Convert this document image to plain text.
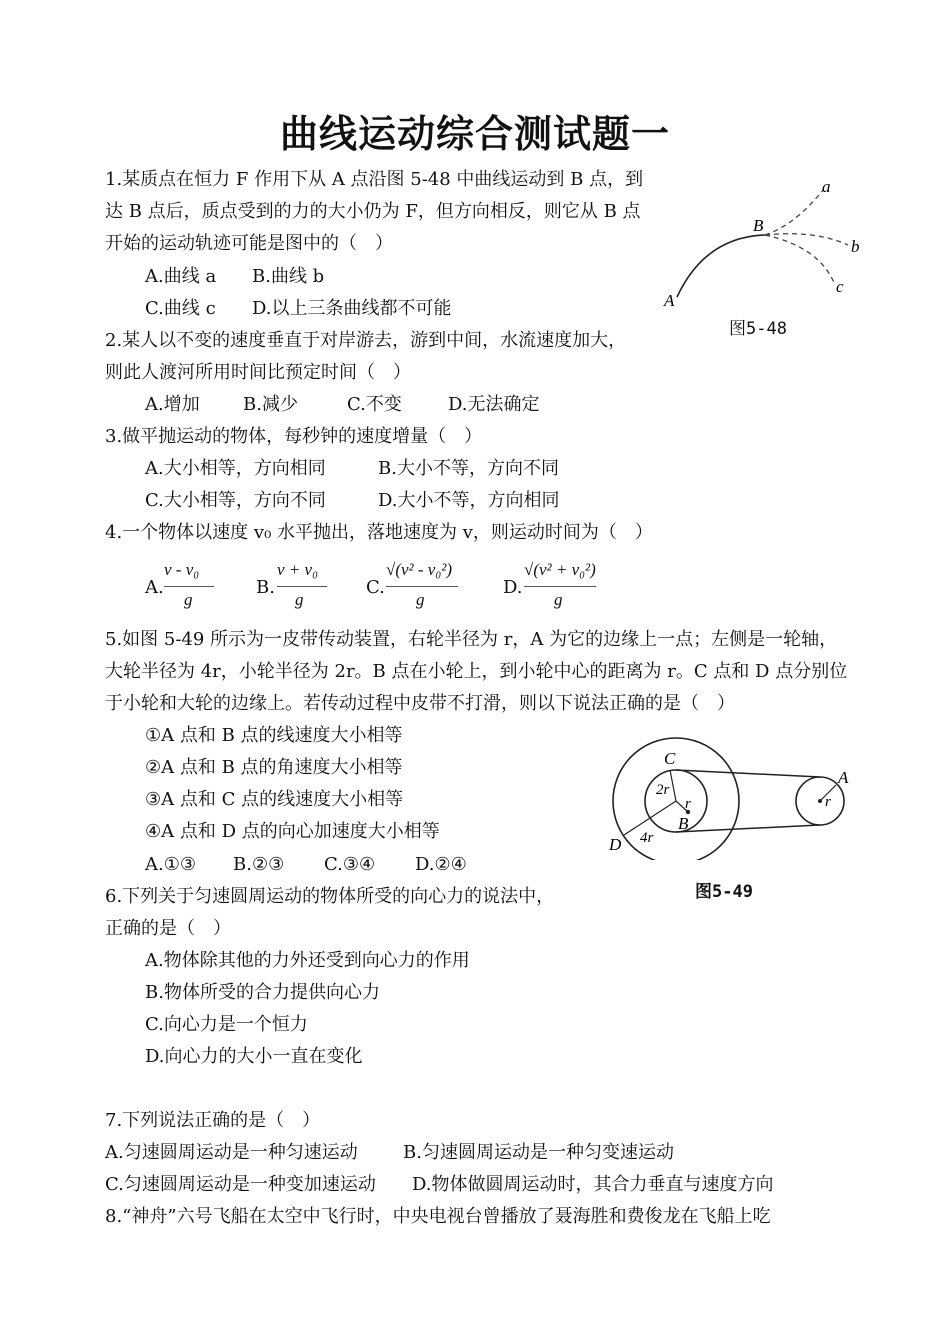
曲线运动综合测试题一
1.某质点在恒力 F 作用下从 A 点沿图 5-48 中曲线运动到 B 点，到
达 B 点后，质点受到的力的大小仍为 F，但方向相反，则它从 B 点
开始的运动轨迹可能是图中的（　）
A.曲线 a B.曲线 b
C.曲线 c D.以上三条曲线都不可能
a
b
c
A
B
图5-48
2.某人以不变的速度垂直于对岸游去，游到中间，水流速度加大，
则此人渡河所用时间比预定时间（　）
A.增加 B.减少	C.不变	D.无法确定
3.做平抛运动的物体，每秒钟的速度增量（　）
A.大小相等，方向相同	B.大小不等，方向不同
C.大小相等，方向不同	D.大小不等，方向相同
4.一个物体以速度 v₀ 水平抛出，落地速度为 v，则运动时间为（　）
A.
v - v₀
g
B.
v + v₀
g
C.
√(v² - v₀²)
g
D.
√(v² + v₀²)
g
5.如图 5-49 所示为一皮带传动装置，右轮半径为 r，A 为它的边缘上一点；左侧是一轮轴，
大轮半径为 4r，小轮半径为 2r。B 点在小轮上，到小轮中心的距离为 r。C 点和 D 点分别位
于小轮和大轮的边缘上。若传动过程中皮带不打滑，则以下说法正确的是（　）
①A 点和 B 点的线速度大小相等
②A 点和 B 点的角速度大小相等
③A 点和 C 点的线速度大小相等
④A 点和 D 点的向心加速度大小相等
A.①③ B.②③ C.③④ D.②④
C
2r
r
B
4r
D
r
A
图5-49
6.下列关于匀速圆周运动的物体所受的向心力的说法中，
正确的是（　）
A.物体除其他的力外还受到向心力的作用
B.物体所受的合力提供向心力
C.向心力是一个恒力
D.向心力的大小一直在变化
7.下列说法正确的是（　）
A.匀速圆周运动是一种匀速运动	B.匀速圆周运动是一种匀变速运动
C.匀速圆周运动是一种变加速运动 D.物体做圆周运动时，其合力垂直与速度方向
8.“神舟”六号飞船在太空中飞行时，中央电视台曾播放了聂海胜和费俊龙在飞船上吃
